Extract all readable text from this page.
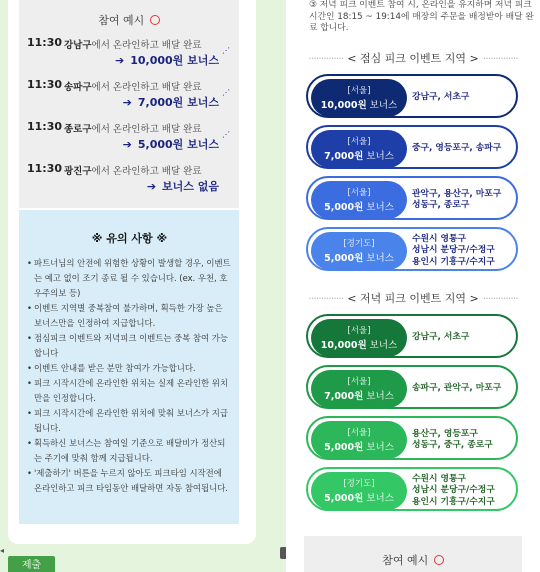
참여 예시
11:30 강남구에서 온라인하고 배달 완료
➔ 10,000원 보너스
⋰
11:30 송파구에서 온라인하고 배달 완료
➔ 7,000원 보너스
⋰
11:30 종로구에서 온라인하고 배달 완료
➔ 5,000원 보너스
⋰
11:30 광진구에서 온라인하고 배달 완료
➔ 보너스 없음
※ 유의 사항 ※
• 파트너님의 안전에 위험한 상황이 발생할 경우, 이벤트는 예고 없이 조기 종료 될 수 있습니다. (ex. 우천, 호우주의보 등)
• 이벤트 지역별 중복참여 불가하며, 획득한 가장 높은 보너스만을 인정하여 지급합니다.
• 점심피크 이벤트와 저녁피크 이벤트는 중복 참여 가능합니다
• 이벤트 안내를 받은 분만 참여가 가능합니다.
• 피크 시작시간에 온라인한 위치는 실제 온라인한 위치 만을 인정합니다.
• 피크 시작시간에 온라인한 위치에 맞춰 보너스가 지급 됩니다.
• 획득하신 보너스는 참여일 기준으로 배달비가 정산되는 주기에 맞춰 함께 지급됩니다.
• '제출하기' 버튼을 누르지 않아도 피크타임 시작전에 온라인하고 피크 타임동안 배달하면 자동 참여됩니다.
◂
제출
③ 저녁 피크 이벤트 참여 시, 온라인을 유지하며 저녁 피크 시간인 18:15 ~ 19:14에 매장의 주문을 배정받아 배달 완료 합니다.
·············· < 점심 피크 이벤트 지역 > ··············
[서울]
10,000원 보너스
강남구, 서초구
[서울]
7,000원 보너스
중구, 영등포구, 송파구
[서울]
5,000원 보너스
관악구, 용산구, 마포구
성동구, 종로구
[경기도]
5,000원 보너스
수원시 영통구
성남시 분당구/수정구
용인시 기흥구/수지구
·············· < 저녁 피크 이벤트 지역 > ··············
[서울]
10,000원 보너스
강남구, 서초구
[서울]
7,000원 보너스
송파구, 관악구, 마포구
[서울]
5,000원 보너스
용산구, 영등포구
성동구, 중구, 종로구
[경기도]
5,000원 보너스
수원시 영통구
성남시 분당구/수정구
용인시 기흥구/수지구
참여 예시
